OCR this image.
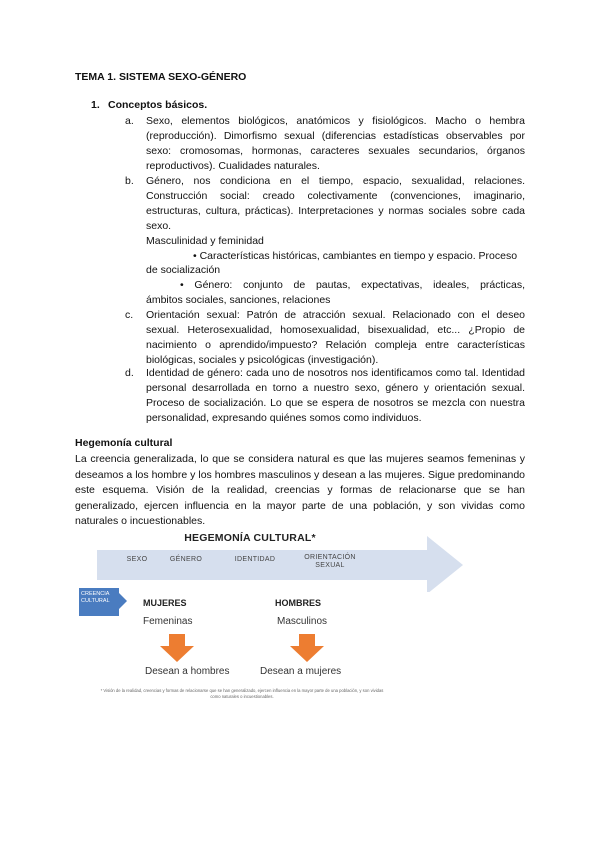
TEMA 1. SISTEMA SEXO-GÉNERO
1. Conceptos básicos.
a. Sexo, elementos biológicos, anatómicos y fisiológicos. Macho o hembra (reproducción). Dimorfismo sexual (diferencias estadísticas observables por sexo: cromosomas, hormonas, caracteres sexuales secundarios, órganos reproductivos). Cualidades naturales.
b. Género, nos condiciona en el tiempo, espacio, sexualidad, relaciones. Construcción social: creado colectivamente (convenciones, imaginario, estructuras, cultura, prácticas). Interpretaciones y normas sociales sobre cada sexo.
Masculinidad y feminidad
• Características históricas, cambiantes en tiempo y espacio. Proceso
de socialización
• Género: conjunto de pautas, expectativas, ideales, prácticas,
ámbitos sociales, sanciones, relaciones
c. Orientación sexual: Patrón de atracción sexual. Relacionado con el deseo sexual. Heterosexualidad, homosexualidad, bisexualidad, etc... ¿Propio de nacimiento o aprendido/impuesto? Relación compleja entre características biológicas, sociales y psicológicas (investigación).
d. Identidad de género: cada uno de nosotros nos identificamos como tal. Identidad personal desarrollada en torno a nuestro sexo, género y orientación sexual. Proceso de socialización. Lo que se espera de nosotros se mezcla con nuestra personalidad, expresando quiénes somos como individuos.
Hegemonía cultural

La creencia generalizada, lo que se considera natural es que las mujeres seamos femeninas y deseamos a los hombre y los hombres masculinos y desean a las mujeres. Sigue predominando este esquema. Visión de la realidad, creencias y formas de relacionarse que se han generalizado, ejercen influencia en la mayor parte de una población, y son vividas como naturales o incuestionables.

HEGEMONÍA CULTURAL*
SEXO	GÉNERO	IDENTIDAD	ORIENTACIÓN SEXUAL
CREENCIA CULTURAL	MUJERES
Femeninas
HOMBRES
Masculinos
Desean a hombres	Desean a mujeres
* Visión de la realidad, creencias y formas de relacionarse que se han generalizado, ejercen influencia en la mayor parte de una población, y son vividas como naturales o incuestionables.
